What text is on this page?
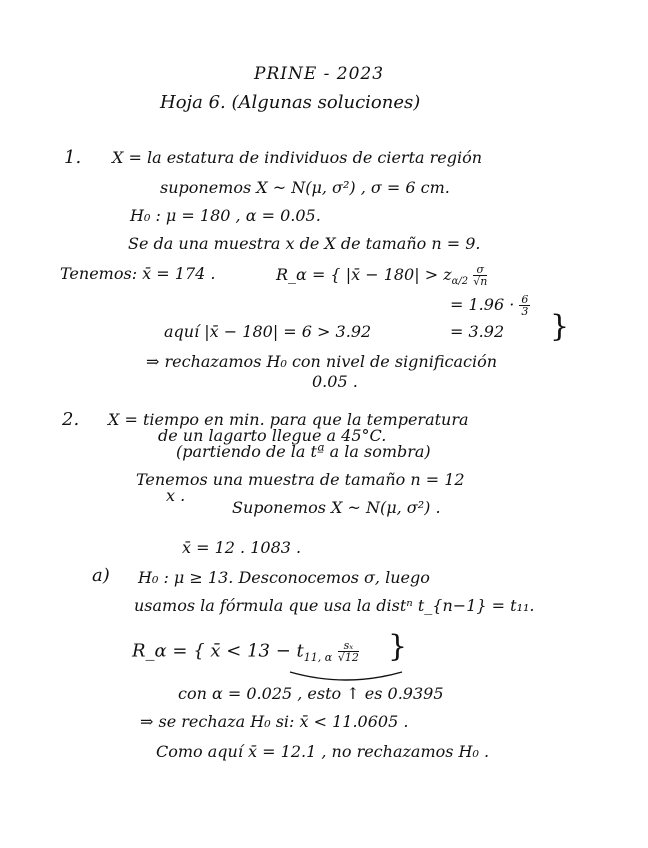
PRINE - 2023
Hoja 6. (Algunas soluciones)
1. X = la estatura de individuos de cierta región
suponemos X ~ N(μ, σ²) , σ = 6 cm.
H₀ : μ = 180 , α = 0.05.
Se da una muestra x de X de tamaño n = 9.
Tenemos: x̄ = 174 .	R_α = { |x̄ − $180| > z_{\alpha/2} \frac{\sigma}{√n}$
= $1.96 \cdot \frac{6}{3}$
aquí |x̄ − 180| = 6 > 3.92	= 3.92 }
⇒ rechazamos H₀ con nivel de significación
0.05 .
2. X = tiempo en min. para que la temperatura
de un lagarto llegue a 45°C.
(partiendo de la tª a la sombra)
Tenemos una muestra de tamaño n = 12
x .
Suponemos X ~ N(μ, σ²) .
x̄ = 12 . 1083 .
a) H₀ : μ ≥ 13. Desconocemos σ, luego
usamos la fórmula que usa la distⁿ t_{n−1} = t₁₁.
R_α = { x̄ < $13 - t_{11, \alpha} \frac{\text{sₓ}}{√12}$ }
con α = 0.025 , esto ↑ es 0.9395
⇒ se rechaza H₀ si: x̄ < 11.0605 .
Como aquí x̄ = 12.1 , no rechazamos H₀ .
